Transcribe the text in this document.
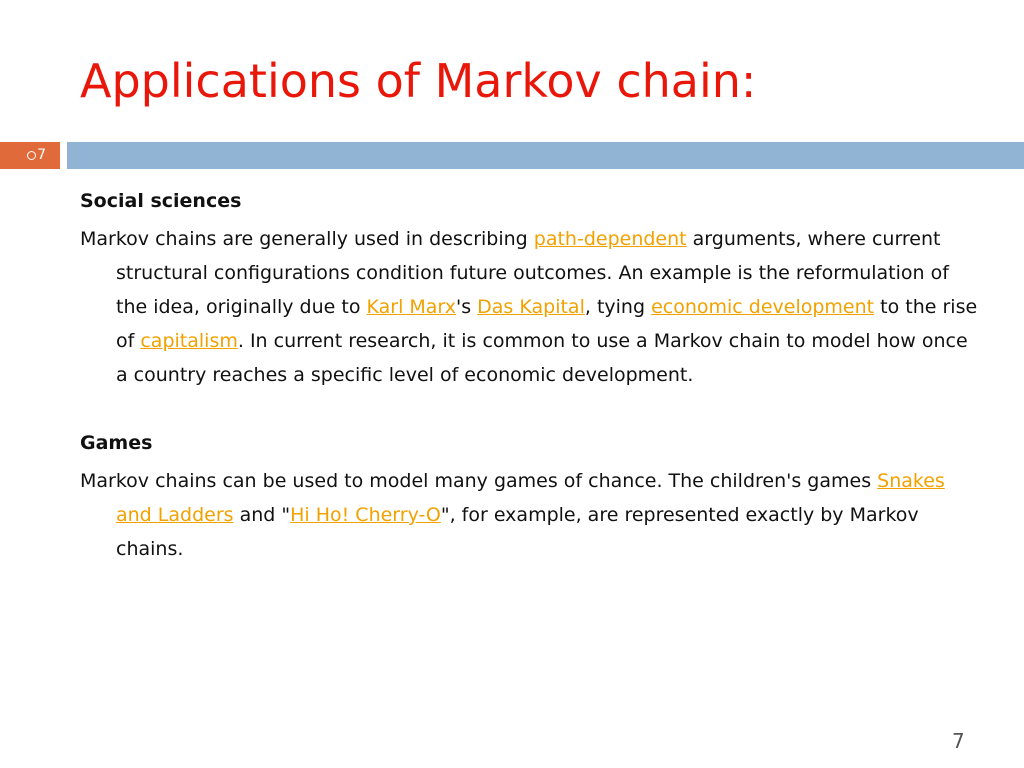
Applications of Markov chain:
7

Social sciences

Markov chains are generally used in describing path-dependent arguments, where current structural configurations condition future outcomes. An example is the reformulation of the idea, originally due to Karl Marx's Das Kapital, tying economic development to the rise of capitalism. In current research, it is common to use a Markov chain to model how once a country reaches a specific level of economic development.

Games

Markov chains can be used to model many games of chance. The children's games Snakes and Ladders and "Hi Ho! Cherry-O", for example, are represented exactly by Markov chains.

7
